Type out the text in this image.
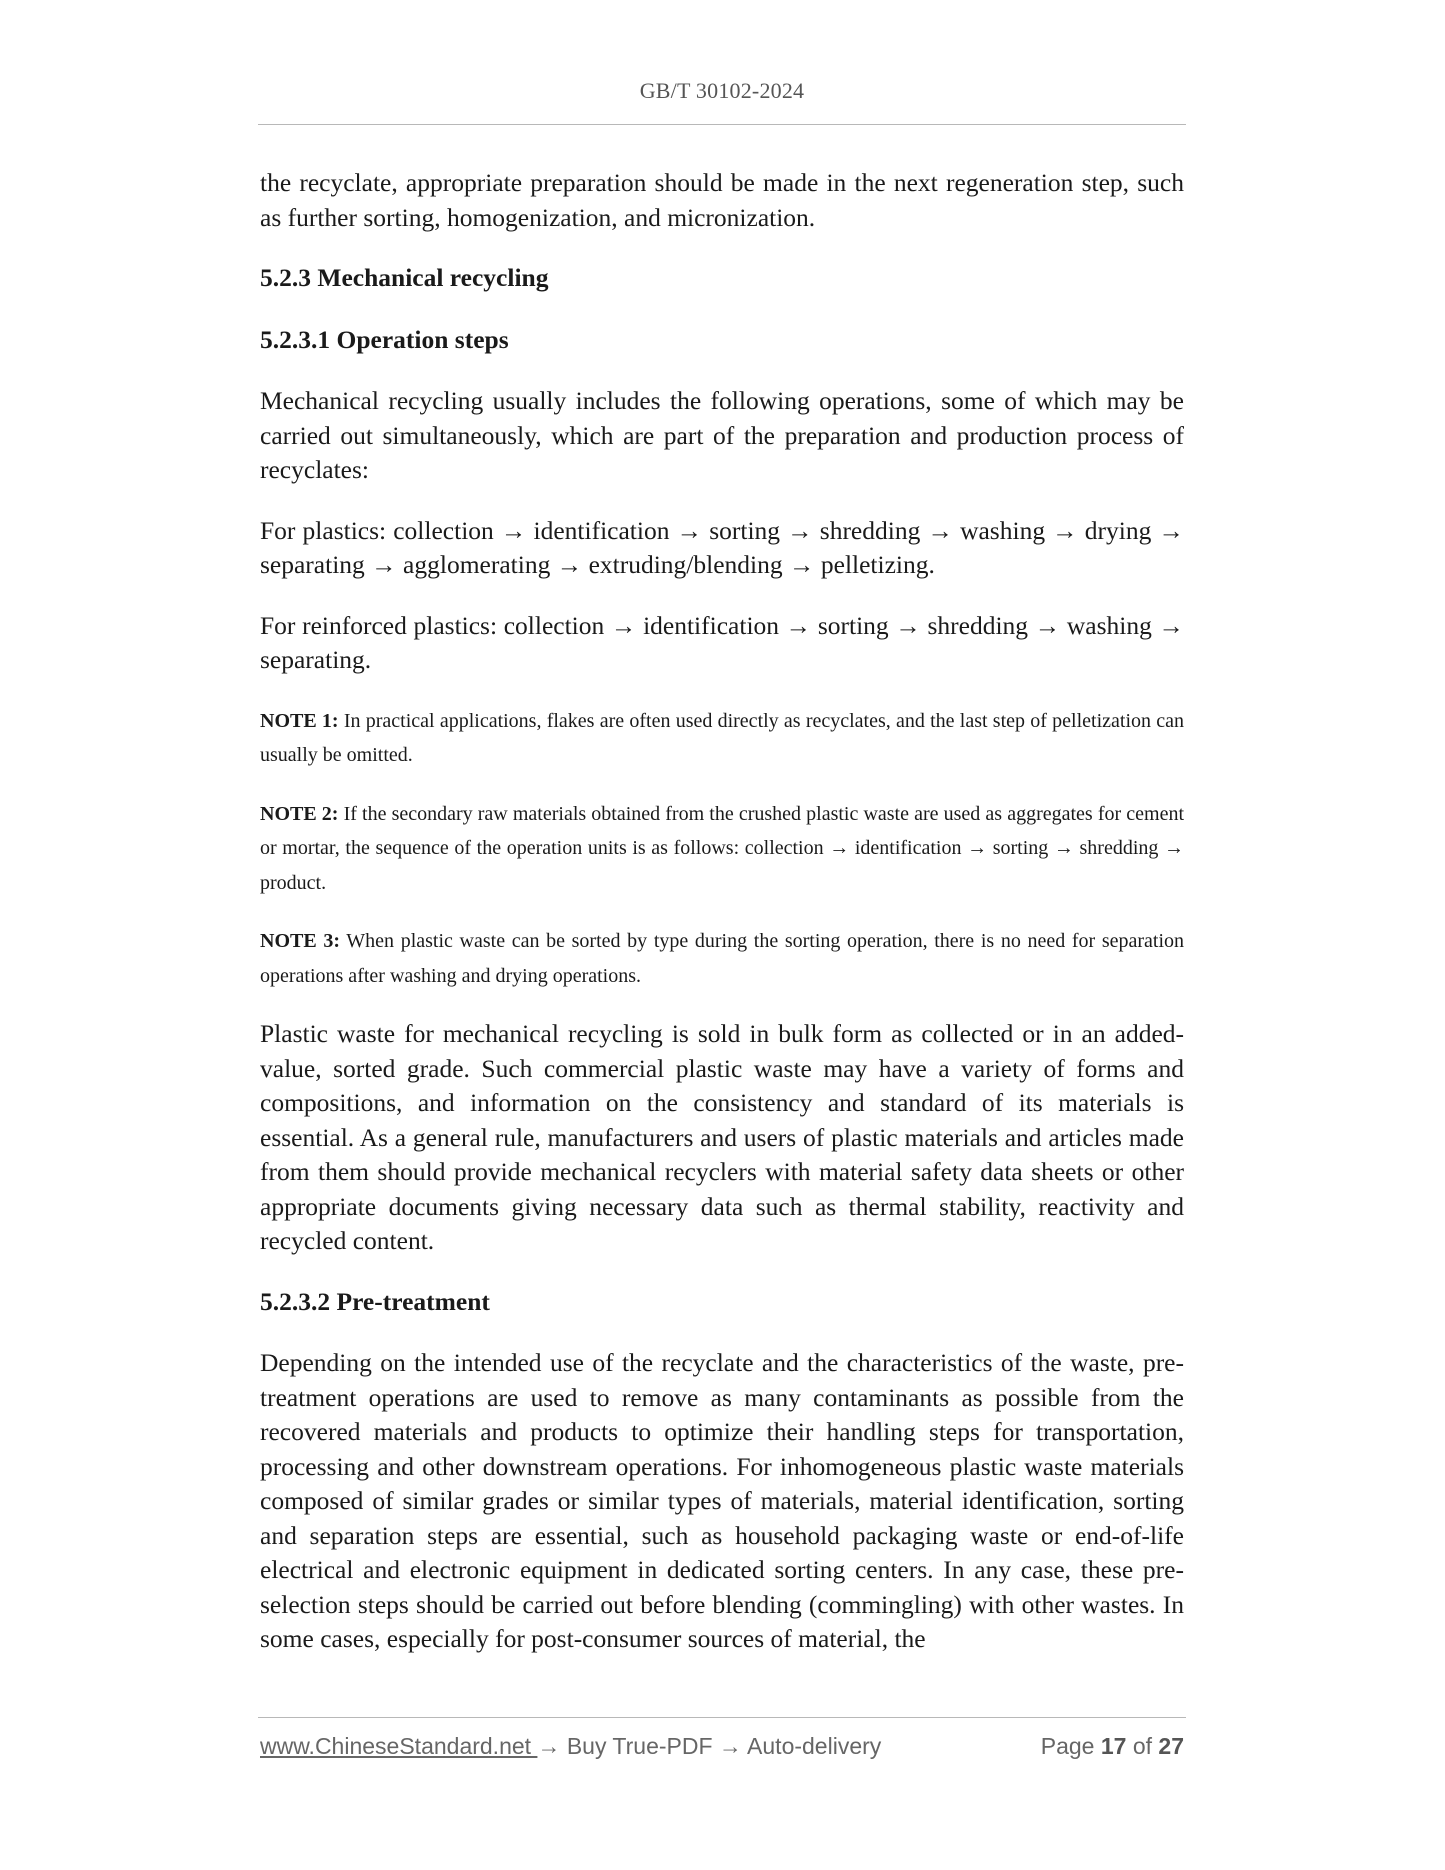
GB/T 30102-2024

the recyclate, appropriate preparation should be made in the next regeneration step, such as further sorting, homogenization, and micronization.

5.2.3 Mechanical recycling
5.2.3.1 Operation steps

Mechanical recycling usually includes the following operations, some of which may be carried out simultaneously, which are part of the preparation and production process of recyclates:

For plastics: collection → identification → sorting → shredding → washing → drying → separating → agglomerating → extruding/blending → pelletizing.

For reinforced plastics: collection → identification → sorting → shredding → washing → separating.

NOTE 1: In practical applications, flakes are often used directly as recyclates, and the last step of pelletization can usually be omitted.

NOTE 2: If the secondary raw materials obtained from the crushed plastic waste are used as aggregates for cement or mortar, the sequence of the operation units is as follows: collection → identification → sorting → shredding → product.

NOTE 3: When plastic waste can be sorted by type during the sorting operation, there is no need for separation operations after washing and drying operations.

Plastic waste for mechanical recycling is sold in bulk form as collected or in an added-value, sorted grade. Such commercial plastic waste may have a variety of forms and compositions, and information on the consistency and standard of its materials is essential. As a general rule, manufacturers and users of plastic materials and articles made from them should provide mechanical recyclers with material safety data sheets or other appropriate documents giving necessary data such as thermal stability, reactivity and recycled content.

5.2.3.2 Pre-treatment

Depending on the intended use of the recyclate and the characteristics of the waste, pre-treatment operations are used to remove as many contaminants as possible from the recovered materials and products to optimize their handling steps for transportation, processing and other downstream operations. For inhomogeneous plastic waste materials composed of similar grades or similar types of materials, material identification, sorting and separation steps are essential, such as household packaging waste or end-of-life electrical and electronic equipment in dedicated sorting centers. In any case, these pre-selection steps should be carried out before blending (commingling) with other wastes. In some cases, especially for post-consumer sources of material, the

www.ChineseStandard.net → Buy True-PDF → Auto-delivery	Page 17 of 27
